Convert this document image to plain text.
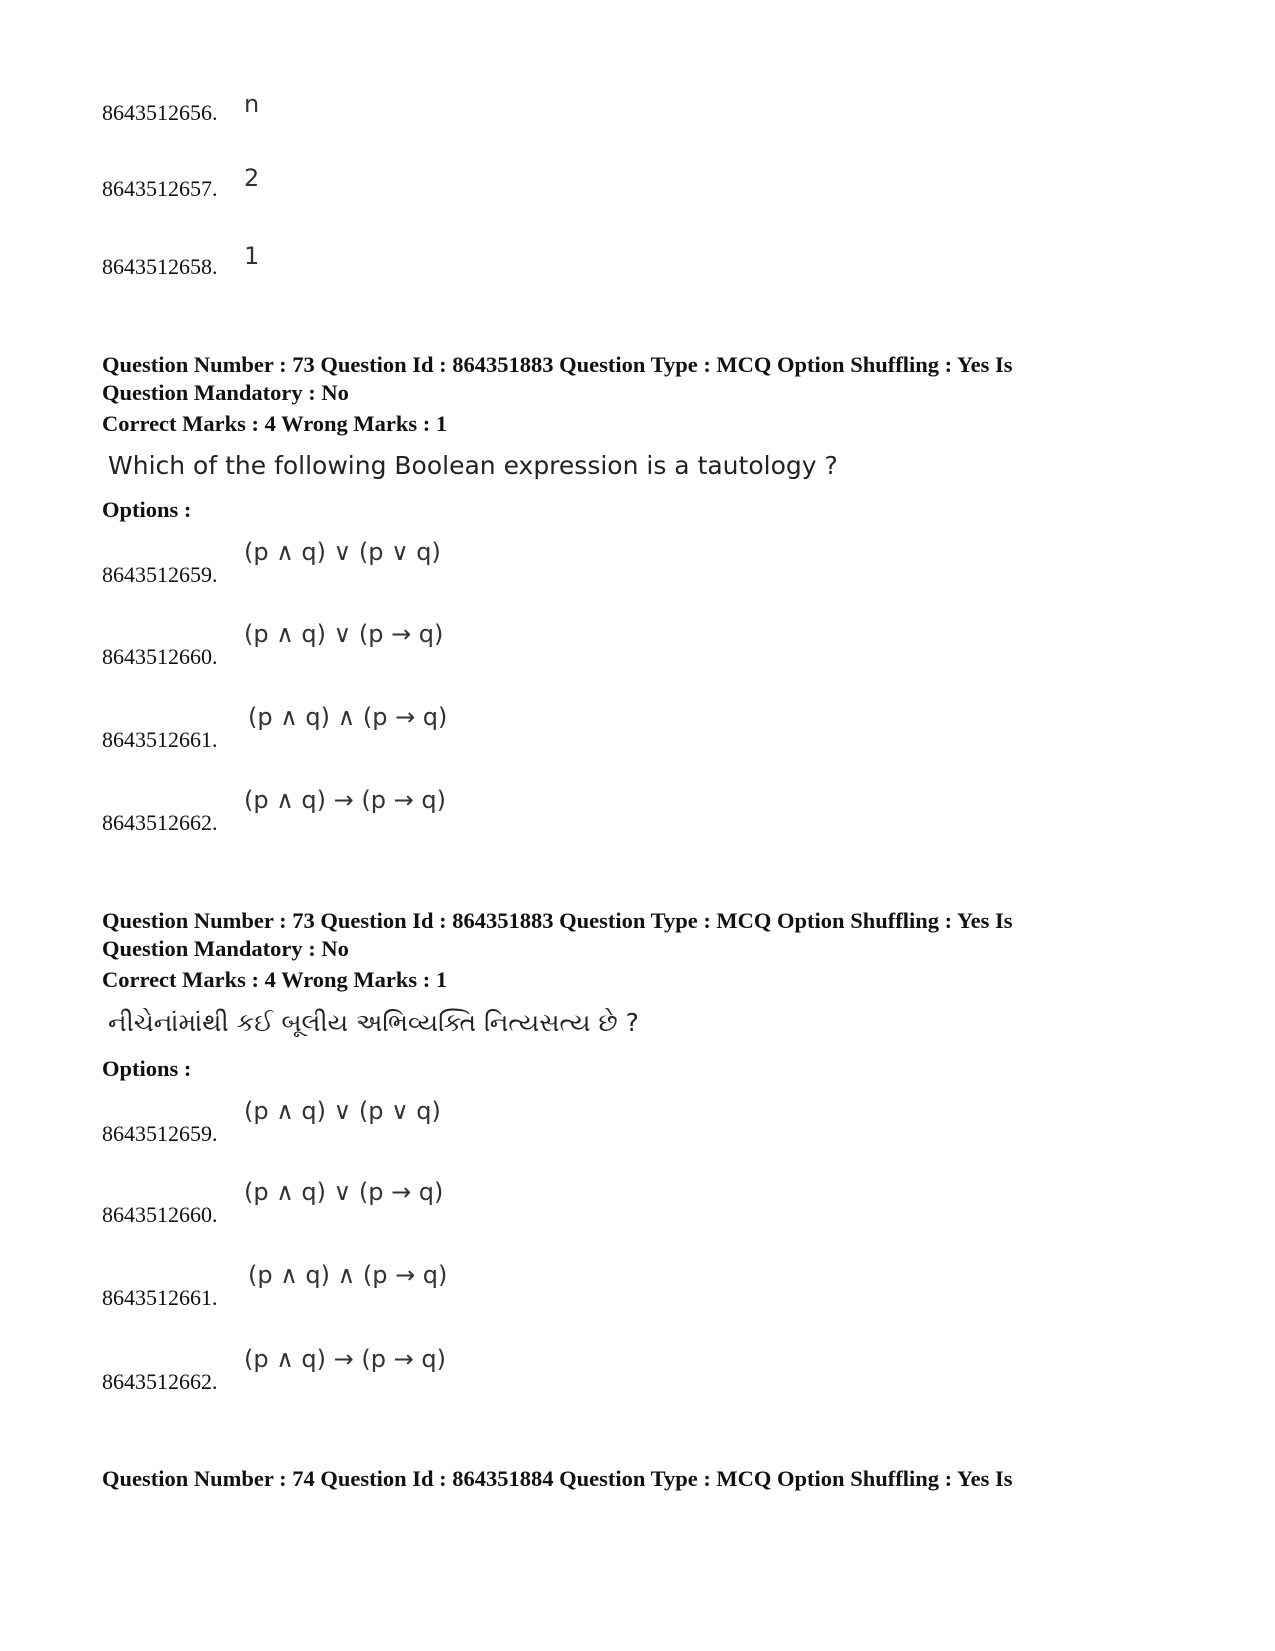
8643512656. n
8643512657. 2
8643512658. 1
Question Number : 73 Question Id : 864351883 Question Type : MCQ Option Shuffling : Yes Is
Question Mandatory : No
Correct Marks : 4 Wrong Marks : 1
Which of the following Boolean expression is a tautology ?
Options :
8643512659.
(p ∧ q) ∨ (p ∨ q)
8643512660.
(p ∧ q) ∨ (p → q)
8643512661.
(p ∧ q) ∧ (p → q)
8643512662.
(p ∧ q) → (p → q)
Question Number : 73 Question Id : 864351883 Question Type : MCQ Option Shuffling : Yes Is
Question Mandatory : No
Correct Marks : 4 Wrong Marks : 1
નીચેનાંમાંથી કઈ બૂલીય અભિવ્યક્તિ નિત્યસત્ય છે ?
Options :
8643512659.
(p ∧ q) ∨ (p ∨ q)
8643512660.
(p ∧ q) ∨ (p → q)
8643512661.
(p ∧ q) ∧ (p → q)
8643512662.
(p ∧ q) → (p → q)
Question Number : 74 Question Id : 864351884 Question Type : MCQ Option Shuffling : Yes Is
